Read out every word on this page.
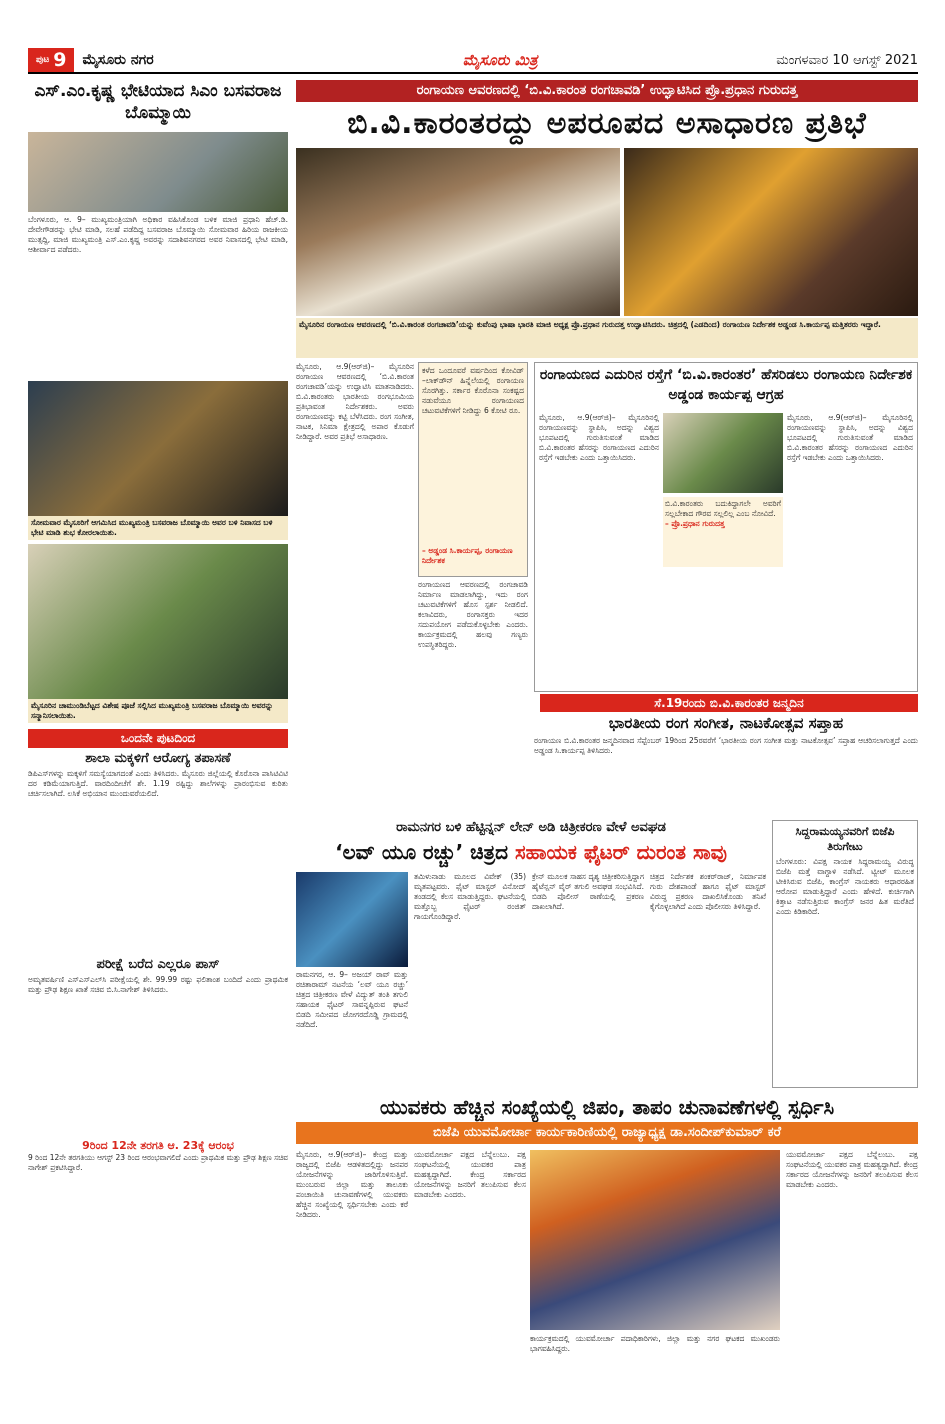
ಪುಟ 9 ಮೈಸೂರು ನಗರ	ಮೈಸೂರು ಮಿತ್ರ	ಮಂಗಳವಾರ 10 ಆಗಸ್ಟ್ 2021
ಎಸ್.ಎಂ.ಕೃಷ್ಣ ಭೇಟಿಯಾದ ಸಿಎಂ ಬಸವರಾಜ ಬೊಮ್ಮಾಯಿ
ಬೆಂಗಳೂರು, ಆ. 9– ಮುಖ್ಯಮಂತ್ರಿಯಾಗಿ ಅಧಿಕಾರ ವಹಿಸಿಕೊಂಡ ಬಳಿಕ ಮಾಜಿ ಪ್ರಧಾನಿ ಹೆಚ್.ಡಿ. ದೇವೇಗೌಡರನ್ನು ಭೇಟಿ ಮಾಡಿ, ಸಲಹೆ ಪಡೆದಿದ್ದ ಬಸವರಾಜ ಬೊಮ್ಮಾಯಿ ಸೋಮವಾರ ಹಿರಿಯ ರಾಜಕೀಯ ಮುತ್ಸದ್ದಿ, ಮಾಜಿ ಮುಖ್ಯಮಂತ್ರಿ ಎಸ್.ಎಂ.ಕೃಷ್ಣ ಅವರನ್ನು ಸದಾಶಿವನಗರದ ಅವರ ನಿವಾಸದಲ್ಲಿ ಭೇಟಿ ಮಾಡಿ, ಆಶೀರ್ವಾದ ಪಡೆದರು.
ಸೋಮವಾರ ಮೈಸೂರಿಗೆ ಆಗಮಿಸಿದ ಮುಖ್ಯಮಂತ್ರಿ ಬಸವರಾಜ ಬೊಮ್ಮಾಯಿ ಅವರ ಬಳಿ ನಿವಾಸದ ಬಳಿ ಭೇಟಿ ಮಾಡಿ ಶುಭ ಕೋರಲಾಯಿತು.
ಮೈಸೂರಿನ ಚಾಮುಂಡಿಬೆಟ್ಟದ ವಿಶೇಷ ಪೂಜೆ ಸಲ್ಲಿಸಿದ ಮುಖ್ಯಮಂತ್ರಿ ಬಸವರಾಜ ಬೊಮ್ಮಾಯಿ ಅವರನ್ನು ಸನ್ಮಾನಿಸಲಾಯಿತು.
ಒಂದನೇ ಪುಟದಿಂದ
ಶಾಲಾ ಮಕ್ಕಳಿಗೆ ಆರೋಗ್ಯ ತಪಾಸಣೆ
ಡಿಪಿಎಸ್‌ಗಳನ್ನು ಮಕ್ಕಳಿಗೆ ಸಮಸ್ಯೆಯಾಗದಂತೆ ಎಂದು ತಿಳಿಸಿದರು. ಮೈಸೂರು ಜಿಲ್ಲೆಯಲ್ಲಿ ಕೊರೊನಾ ಪಾಸಿಟಿವಿಟಿ ದರ ಕಡಿಮೆಯಾಗುತ್ತಿದೆ. ವಾರದಿಂದೀಚೆಗೆ ಶೇ. 1.19 ರಷ್ಟಿದ್ದು ಶಾಲೆಗಳನ್ನು ಪ್ರಾರಂಭಿಸುವ ಕುರಿತು ಚರ್ಚಿಸಲಾಗಿದೆ. ಲಸಿಕೆ ಅಭಿಯಾನ ಮುಂದುವರೆಯಲಿದೆ.
ಪರೀಕ್ಷೆ ಬರೆದ ಎಲ್ಲರೂ ಪಾಸ್
ಅಮೃತವರ್ಷಿಣಿ ಎಸ್‌ಎಸ್‌ಎಲ್‌ಸಿ ಪರೀಕ್ಷೆಯಲ್ಲಿ ಶೇ. 99.99 ರಷ್ಟು ಫಲಿತಾಂಶ ಬಂದಿದೆ ಎಂದು ಪ್ರಾಥಮಿಕ ಮತ್ತು ಪ್ರೌಢ ಶಿಕ್ಷಣ ಖಾತೆ ಸಚಿವ ಬಿ.ಸಿ.ನಾಗೇಶ್ ತಿಳಿಸಿದರು.
9ರಿಂದ 12ನೇ ತರಗತಿ ಆ. 23ಕ್ಕೆ ಆರಂಭ
9 ರಿಂದ 12ನೇ ತರಗತಿಯು ಆಗಸ್ಟ್ 23 ರಿಂದ ಆರಂಭವಾಗಲಿದೆ ಎಂದು ಪ್ರಾಥಮಿಕ ಮತ್ತು ಪ್ರೌಢ ಶಿಕ್ಷಣ ಸಚಿವ ನಾಗೇಶ್ ಪ್ರಕಟಿಸಿದ್ದಾರೆ.
ರಂಗಾಯಣ ಆವರಣದಲ್ಲಿ ‘ಬಿ.ವಿ.ಕಾರಂತ ರಂಗಚಾವಡಿ’ ಉದ್ಘಾಟಿಸಿದ ಪ್ರೊ.ಪ್ರಧಾನ ಗುರುದತ್ತ
ಬಿ.ವಿ.ಕಾರಂತರದ್ದು ಅಪರೂಪದ ಅಸಾಧಾರಣ ಪ್ರತಿಭೆ
ಮೈಸೂರಿನ ರಂಗಾಯಣ ಆವರಣದಲ್ಲಿ ‘ಬಿ.ವಿ.ಕಾರಂತ ರಂಗಚಾವಡಿ’ಯನ್ನು ಕುವೆಂಪು ಭಾಷಾ ಭಾರತಿ ಮಾಜಿ ಅಧ್ಯಕ್ಷ ಪ್ರೊ.ಪ್ರಧಾನ ಗುರುದತ್ತ ಉದ್ಘಾಟಿಸಿದರು. ಚಿತ್ರದಲ್ಲಿ (ಎಡದಿಂದ) ರಂಗಾಯಣ ನಿರ್ದೇಶಕ ಅಡ್ಡಂಡ ಸಿ.ಕಾರ್ಯಪ್ಪ ಮತ್ತಿತರರು ಇದ್ದಾರೆ.
ಮೈಸೂರು, ಆ.9(ಆರ್‌ಜಿ)– ಮೈಸೂರಿನ ರಂಗಾಯಣ ಆವರಣದಲ್ಲಿ ‘ಬಿ.ವಿ.ಕಾರಂತ ರಂಗಚಾವಡಿ’ಯನ್ನು ಉದ್ಘಾಟಿಸಿ ಮಾತನಾಡಿದರು. ಬಿ.ವಿ.ಕಾರಂತರು ಭಾರತೀಯ ರಂಗಭೂಮಿಯ ಪ್ರತಿಭಾವಂತ ನಿರ್ದೇಶಕರು. ಅವರು ರಂಗಾಯಣವನ್ನು ಕಟ್ಟಿ ಬೆಳೆಸಿದರು. ರಂಗ ಸಂಗೀತ, ನಾಟಕ, ಸಿನಿಮಾ ಕ್ಷೇತ್ರದಲ್ಲಿ ಅಪಾರ ಕೊಡುಗೆ ನೀಡಿದ್ದಾರೆ. ಅವರ ಪ್ರತಿಭೆ ಅಸಾಧಾರಣ.
ಕಳೆದ ಒಂದೂವರೆ ವರ್ಷದಿಂದ ಕೋವಿಡ್ –ಲಾಕ್‌ಡೌನ್ ಹಿನ್ನೆಲೆಯಲ್ಲಿ ರಂಗಾಯಣ ಸೊರಗಿತ್ತು. ಸರ್ಕಾರ ಕೊರೊನಾ ಸಂಕಷ್ಟದ ನಡುವೆಯೂ ರಂಗಾಯಣದ ಚಟುವಟಿಕೆಗಳಿಗೆ ನೀಡಿದ್ದು 6 ಕೋಟಿ ರೂ.
– ಅಡ್ಡಂಡ ಸಿ.ಕಾರ್ಯಪ್ಪ, ರಂಗಾಯಣ ನಿರ್ದೇಶಕ
ರಂಗಾಯಣದ ಆವರಣದಲ್ಲಿ ರಂಗಚಾವಡಿ ನಿರ್ಮಾಣ ಮಾಡಲಾಗಿದ್ದು, ಇದು ರಂಗ ಚಟುವಟಿಕೆಗಳಿಗೆ ಹೊಸ ಸ್ಪರ್ಶ ನೀಡಲಿದೆ. ಕಲಾವಿದರು, ರಂಗಾಸಕ್ತರು ಇದರ ಸದುಪಯೋಗ ಪಡೆದುಕೊಳ್ಳಬೇಕು ಎಂದರು. ಕಾರ್ಯಕ್ರಮದಲ್ಲಿ ಹಲವು ಗಣ್ಯರು ಉಪಸ್ಥಿತರಿದ್ದರು.
ರಂಗಾಯಣದ ಎದುರಿನ ರಸ್ತೆಗೆ ‘ಬಿ.ವಿ.ಕಾರಂತರ’ ಹೆಸರಿಡಲು ರಂಗಾಯಣ ನಿರ್ದೇಶಕ ಅಡ್ಡಂಡ ಕಾರ್ಯಪ್ಪ ಆಗ್ರಹ
ಮೈಸೂರು, ಆ.9(ಆರ್‌ಜಿ)– ಮೈಸೂರಿನಲ್ಲಿ ರಂಗಾಯಣವನ್ನು ಸ್ಥಾಪಿಸಿ, ಅದನ್ನು ವಿಶ್ವದ ಭೂಪಟದಲ್ಲಿ ಗುರುತಿಸುವಂತೆ ಮಾಡಿದ ಬಿ.ವಿ.ಕಾರಂತರ ಹೆಸರನ್ನು ರಂಗಾಯಣದ ಎದುರಿನ ರಸ್ತೆಗೆ ಇಡಬೇಕು ಎಂದು ಒತ್ತಾಯಿಸಿದರು.
ಬಿ.ವಿ.ಕಾರಂತರು ಬದುಕಿದ್ದಾಗಲೇ ಅವರಿಗೆ ಸಲ್ಲಬೇಕಾದ ಗೌರವ ಸಲ್ಲಲಿಲ್ಲ ಎಂಬ ನೋವಿದೆ.
– ಪ್ರೊ.ಪ್ರಧಾನ ಗುರುದತ್ತ
ಮೈಸೂರು, ಆ.9(ಆರ್‌ಜಿ)– ಮೈಸೂರಿನಲ್ಲಿ ರಂಗಾಯಣವನ್ನು ಸ್ಥಾಪಿಸಿ, ಅದನ್ನು ವಿಶ್ವದ ಭೂಪಟದಲ್ಲಿ ಗುರುತಿಸುವಂತೆ ಮಾಡಿದ ಬಿ.ವಿ.ಕಾರಂತರ ಹೆಸರನ್ನು ರಂಗಾಯಣದ ಎದುರಿನ ರಸ್ತೆಗೆ ಇಡಬೇಕು ಎಂದು ಒತ್ತಾಯಿಸಿದರು.
ಸೆ.19ರಂದು ಬಿ.ವಿ.ಕಾರಂತರ ಜನ್ಮದಿನ
ಭಾರತೀಯ ರಂಗ ಸಂಗೀತ, ನಾಟಕೋತ್ಸವ ಸಪ್ತಾಹ
ರಂಗಾಯಣ ಬಿ.ವಿ.ಕಾರಂತರ ಜನ್ಮದಿನವಾದ ಸೆಪ್ಟೆಂಬರ್ 19ರಿಂದ 25ರವರೆಗೆ ‘ಭಾರತೀಯ ರಂಗ ಸಂಗೀತ ಮತ್ತು ನಾಟಕೋತ್ಸವ’ ಸಪ್ತಾಹ ಆಚರಿಸಲಾಗುತ್ತದೆ ಎಂದು ಅಡ್ಡಂಡ ಸಿ.ಕಾರ್ಯಪ್ಪ ತಿಳಿಸಿದರು.
ರಾಮನಗರ ಬಳಿ ಹೆಟ್ಟಿನ್ನನ್ ಲೇನ್ ಅಡಿ ಚಿತ್ರೀಕರಣ ವೇಳೆ ಅವಘಡ
‘ಲವ್ ಯೂ ರಚ್ಚು’ ಚಿತ್ರದ ಸಹಾಯಕ ಫೈಟರ್ ದುರಂತ ಸಾವು
ರಾಮನಗರ, ಆ. 9– ಅಜಯ್ ರಾವ್ ಮತ್ತು ರಚಿತಾರಾಮ್ ನಟನೆಯ ‘ಲವ್ ಯೂ ರಚ್ಚು’ ಚಿತ್ರದ ಚಿತ್ರೀಕರಣ ವೇಳೆ ವಿದ್ಯುತ್ ತಂತಿ ತಗುಲಿ ಸಹಾಯಕ ಫೈಟರ್ ಸಾವನ್ನಪ್ಪಿರುವ ಘಟನೆ ಬಿಡದಿ ಸಮೀಪದ ಜೋಗರದೊಡ್ಡಿ ಗ್ರಾಮದಲ್ಲಿ ನಡೆದಿದೆ.
ತಮಿಳುನಾಡು ಮೂಲದ ವಿವೇಕ್ (35) ಮೃತಪಟ್ಟವರು. ಫೈಟ್ ಮಾಸ್ಟರ್ ವಿನೋದ್ ತಂಡದಲ್ಲಿ ಕೆಲಸ ಮಾಡುತ್ತಿದ್ದರು. ಘಟನೆಯಲ್ಲಿ ಮತ್ತೊಬ್ಬ ಫೈಟರ್ ರಂಜಿತ್ ಗಾಯಗೊಂಡಿದ್ದಾರೆ.
ಕ್ರೇನ್ ಮೂಲಕ ಸಾಹಸ ದೃಶ್ಯ ಚಿತ್ರೀಕರಿಸುತ್ತಿದ್ದಾಗ ಹೈಟೆನ್ಷನ್ ವೈರ್ ತಗುಲಿ ಅವಘಡ ಸಂಭವಿಸಿದೆ. ಬಿಡದಿ ಪೊಲೀಸ್ ಠಾಣೆಯಲ್ಲಿ ಪ್ರಕರಣ ದಾಖಲಾಗಿದೆ.
ಚಿತ್ರದ ನಿರ್ದೇಶಕ ಶಂಕರ್‌ರಾಜ್, ನಿರ್ಮಾಪಕ ಗುರು ದೇಶಪಾಂಡೆ ಹಾಗೂ ಫೈಟ್ ಮಾಸ್ಟರ್ ವಿರುದ್ಧ ಪ್ರಕರಣ ದಾಖಲಿಸಿಕೊಂಡು ತನಿಖೆ ಕೈಗೊಳ್ಳಲಾಗಿದೆ ಎಂದು ಪೊಲೀಸರು ತಿಳಿಸಿದ್ದಾರೆ.
ಸಿದ್ದರಾಮಯ್ಯನವರಿಗೆ ಬಿಜೆಪಿ ತಿರುಗೇಟು
ಬೆಂಗಳೂರು: ವಿಪಕ್ಷ ನಾಯಕ ಸಿದ್ದರಾಮಯ್ಯ ವಿರುದ್ಧ ಬಿಜೆಪಿ ಮತ್ತೆ ವಾಗ್ದಾಳಿ ನಡೆಸಿದೆ. ಟ್ವೀಟ್ ಮೂಲಕ ಟೀಕಿಸಿರುವ ಬಿಜೆಪಿ, ಕಾಂಗ್ರೆಸ್ ನಾಯಕರು ಆಧಾರರಹಿತ ಆರೋಪ ಮಾಡುತ್ತಿದ್ದಾರೆ ಎಂದು ಹೇಳಿದೆ. ಕುರ್ಚಿಗಾಗಿ ಕಿತ್ತಾಟ ನಡೆಸುತ್ತಿರುವ ಕಾಂಗ್ರೆಸ್ ಜನರ ಹಿತ ಮರೆತಿದೆ ಎಂದು ಕಿಡಿಕಾರಿದೆ.
ಯುವಕರು ಹೆಚ್ಚಿನ ಸಂಖ್ಯೆಯಲ್ಲಿ ಜಿಪಂ, ತಾಪಂ ಚುನಾವಣೆಗಳಲ್ಲಿ ಸ್ಪರ್ಧಿಸಿ
ಬಿಜೆಪಿ ಯುವಮೋರ್ಚಾ ಕಾರ್ಯಕಾರಿಣಿಯಲ್ಲಿ ರಾಜ್ಯಾಧ್ಯಕ್ಷ ಡಾ.ಸಂದೀಪ್‌ಕುಮಾರ್ ಕರೆ
ಮೈಸೂರು, ಆ.9(ಆರ್‌ಜಿ)– ಕೇಂದ್ರ ಮತ್ತು ರಾಜ್ಯದಲ್ಲಿ ಬಿಜೆಪಿ ಆಡಳಿತದಲ್ಲಿದ್ದು ಜನಪರ ಯೋಜನೆಗಳನ್ನು ಜಾರಿಗೊಳಿಸುತ್ತಿವೆ. ಮುಂಬರುವ ಜಿಲ್ಲಾ ಮತ್ತು ತಾಲೂಕು ಪಂಚಾಯಿತಿ ಚುನಾವಣೆಗಳಲ್ಲಿ ಯುವಕರು ಹೆಚ್ಚಿನ ಸಂಖ್ಯೆಯಲ್ಲಿ ಸ್ಪರ್ಧಿಸಬೇಕು ಎಂದು ಕರೆ ನೀಡಿದರು.
ಯುವಮೋರ್ಚಾ ಪಕ್ಷದ ಬೆನ್ನೆಲುಬು. ಪಕ್ಷ ಸಂಘಟನೆಯಲ್ಲಿ ಯುವಕರ ಪಾತ್ರ ಮಹತ್ವದ್ದಾಗಿದೆ. ಕೇಂದ್ರ ಸರ್ಕಾರದ ಯೋಜನೆಗಳನ್ನು ಜನರಿಗೆ ತಲುಪಿಸುವ ಕೆಲಸ ಮಾಡಬೇಕು ಎಂದರು.
ಕಾರ್ಯಕ್ರಮದಲ್ಲಿ ಯುವಮೋರ್ಚಾ ಪದಾಧಿಕಾರಿಗಳು, ಜಿಲ್ಲಾ ಮತ್ತು ನಗರ ಘಟಕದ ಮುಖಂಡರು ಭಾಗವಹಿಸಿದ್ದರು.
ಯುವಮೋರ್ಚಾ ಪಕ್ಷದ ಬೆನ್ನೆಲುಬು. ಪಕ್ಷ ಸಂಘಟನೆಯಲ್ಲಿ ಯುವಕರ ಪಾತ್ರ ಮಹತ್ವದ್ದಾಗಿದೆ. ಕೇಂದ್ರ ಸರ್ಕಾರದ ಯೋಜನೆಗಳನ್ನು ಜನರಿಗೆ ತಲುಪಿಸುವ ಕೆಲಸ ಮಾಡಬೇಕು ಎಂದರು.
